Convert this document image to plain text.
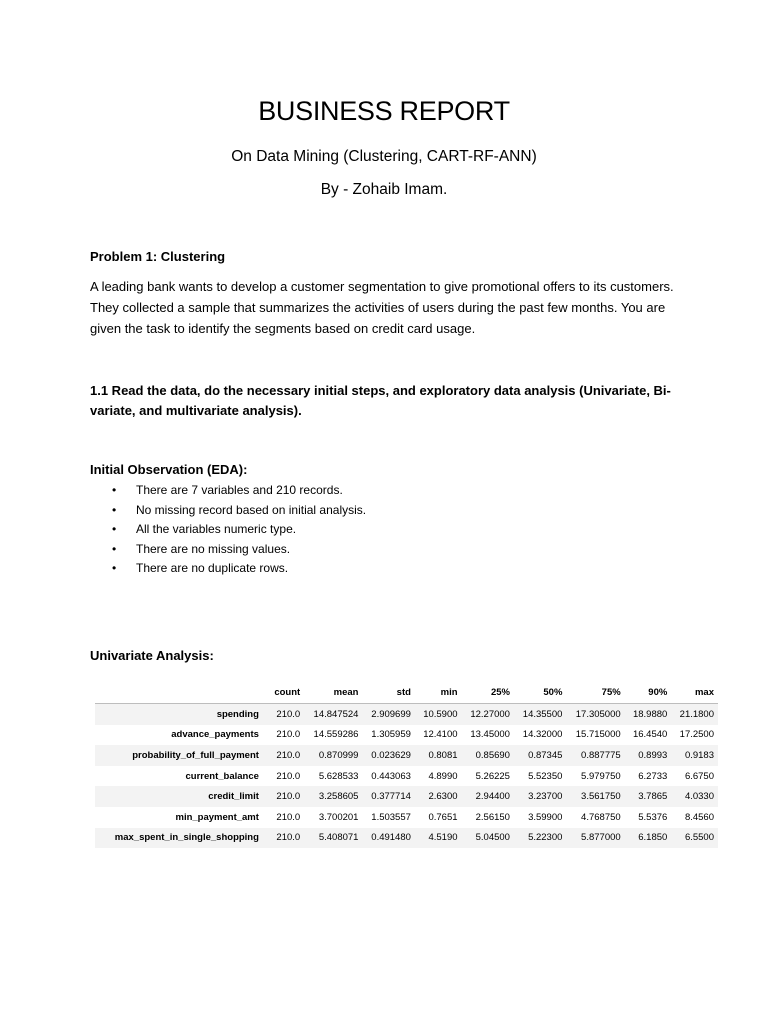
BUSINESS REPORT
On Data Mining (Clustering, CART-RF-ANN)
By - Zohaib Imam.
Problem 1: Clustering
A leading bank wants to develop a customer segmentation to give promotional offers to its customers. They collected a sample that summarizes the activities of users during the past few months. You are given the task to identify the segments based on credit card usage.
1.1 Read the data, do the necessary initial steps, and exploratory data analysis (Univariate, Bi-variate, and multivariate analysis).
Initial Observation (EDA):
• There are 7 variables and 210 records.
• No missing record based on initial analysis.
• All the variables numeric type.
• There are no missing values.
• There are no duplicate rows.
Univariate Analysis:
	count	mean	std	min	25%	50%	75%	90%	max
spending	210.0	14.847524	2.909699	10.5900	12.27000	14.35500	17.305000	18.9880	21.1800
advance_payments	210.0	14.559286	1.305959	12.4100	13.45000	14.32000	15.715000	16.4540	17.2500
probability_of_full_payment	210.0	0.870999	0.023629	0.8081	0.85690	0.87345	0.887775	0.8993	0.9183
current_balance	210.0	5.628533	0.443063	4.8990	5.26225	5.52350	5.979750	6.2733	6.6750
credit_limit	210.0	3.258605	0.377714	2.6300	2.94400	3.23700	3.561750	3.7865	4.0330
min_payment_amt	210.0	3.700201	1.503557	0.7651	2.56150	3.59900	4.768750	5.5376	8.4560
max_spent_in_single_shopping	210.0	5.408071	0.491480	4.5190	5.04500	5.22300	5.877000	6.1850	6.5500
